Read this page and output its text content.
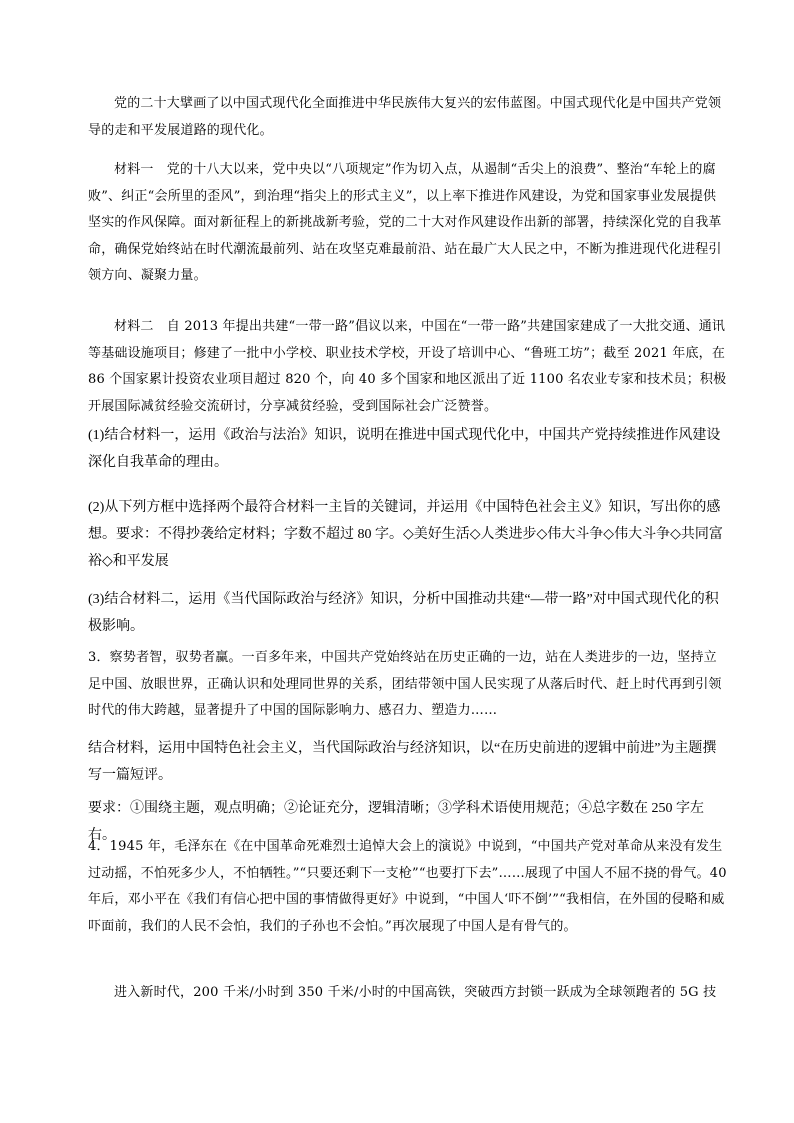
党的二十大擘画了以中国式现代化全面推进中华民族伟大复兴的宏伟蓝图。中国式现代化是中国共产党领导的走和平发展道路的现代化。

材料一　党的十八大以来，党中央以“八项规定”作为切入点，从遏制“舌尖上的浪费”、整治“车轮上的腐败”、纠正“会所里的歪风”，到治理“指尖上的形式主义”，以上率下推进作风建设，为党和国家事业发展提供坚实的作风保障。面对新征程上的新挑战新考验，党的二十大对作风建设作出新的部署，持续深化党的自我革命，确保党始终站在时代潮流最前列、站在攻坚克难最前沿、站在最广大人民之中，不断为推进现代化进程引领方向、凝聚力量。

材料二　自 2013 年提出共建“一带一路”倡议以来，中国在“一带一路”共建国家建成了一大批交通、通讯等基础设施项目；修建了一批中小学校、职业技术学校，开设了培训中心、“鲁班工坊”；截至 2021 年底，在 86 个国家累计投资农业项目超过 820 个，向 40 多个国家和地区派出了近 1100 名农业专家和技术员；积极开展国际减贫经验交流研讨，分享减贫经验，受到国际社会广泛赞誉。

(1)结合材料一，运用《政治与法治》知识，说明在推进中国式现代化中，中国共产党持续推进作风建设深化自我革命的理由。

(2)从下列方框中选择两个最符合材料一主旨的关键词，并运用《中国特色社会主义》知识，写出你的感想。要求：不得抄袭给定材料；字数不超过 80 字。◇美好生活◇人类进步◇伟大斗争◇伟大斗争◇共同富裕◇和平发展

(3)结合材料二，运用《当代国际政治与经济》知识，分析中国推动共建“—带一路”对中国式现代化的积极影响。

3．察势者智，驭势者赢。一百多年来，中国共产党始终站在历史正确的一边，站在人类进步的一边，坚持立足中国、放眼世界，正确认识和处理同世界的关系，团结带领中国人民实现了从落后时代、赶上时代再到引领时代的伟大跨越，显著提升了中国的国际影响力、感召力、塑造力……

结合材料，运用中国特色社会主义，当代国际政治与经济知识，以“在历史前进的逻辑中前进”为主题撰写一篇短评。

要求：①围绕主题，观点明确；②论证充分，逻辑清晰；③学科术语使用规范；④总字数在 250 字左右。

4．1945 年，毛泽东在《在中国革命死难烈士追悼大会上的演说》中说到，“中国共产党对革命从来没有发生过动摇，不怕死多少人，不怕牺牲。”“只要还剩下一支枪”“也要打下去”……展现了中国人不屈不挠的骨气。40 年后，邓小平在《我们有信心把中国的事情做得更好》中说到，“中国人‘吓不倒’”“我相信，在外国的侵略和威吓面前，我们的人民不会怕，我们的子孙也不会怕。”再次展现了中国人是有骨气的。

进入新时代，200 千米/小时到 350 千米/小时的中国高铁，突破西方封锁一跃成为全球领跑者的 5G 技
